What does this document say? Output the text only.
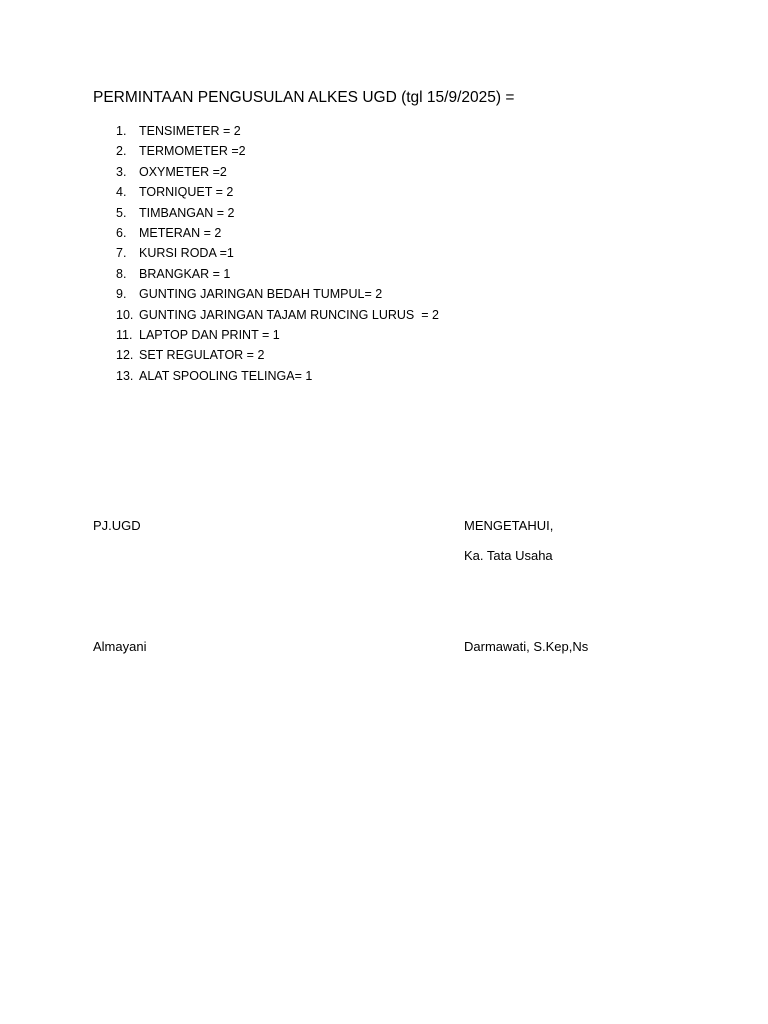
PERMINTAAN PENGUSULAN ALKES UGD (tgl 15/9/2025) =
1. TENSIMETER = 2
2. TERMOMETER =2
3. OXYMETER =2
4. TORNIQUET = 2
5. TIMBANGAN = 2
6. METERAN = 2
7. KURSI RODA =1
8. BRANGKAR = 1
9. GUNTING JARINGAN BEDAH TUMPUL= 2
10. GUNTING JARINGAN TAJAM RUNCING LURUS  = 2
11. LAPTOP DAN PRINT = 1
12. SET REGULATOR = 2
13. ALAT SPOOLING TELINGA= 1
PJ.UGD	MENGETAHUI,
Ka. Tata Usaha
Almayani	Darmawati, S.Kep,Ns
